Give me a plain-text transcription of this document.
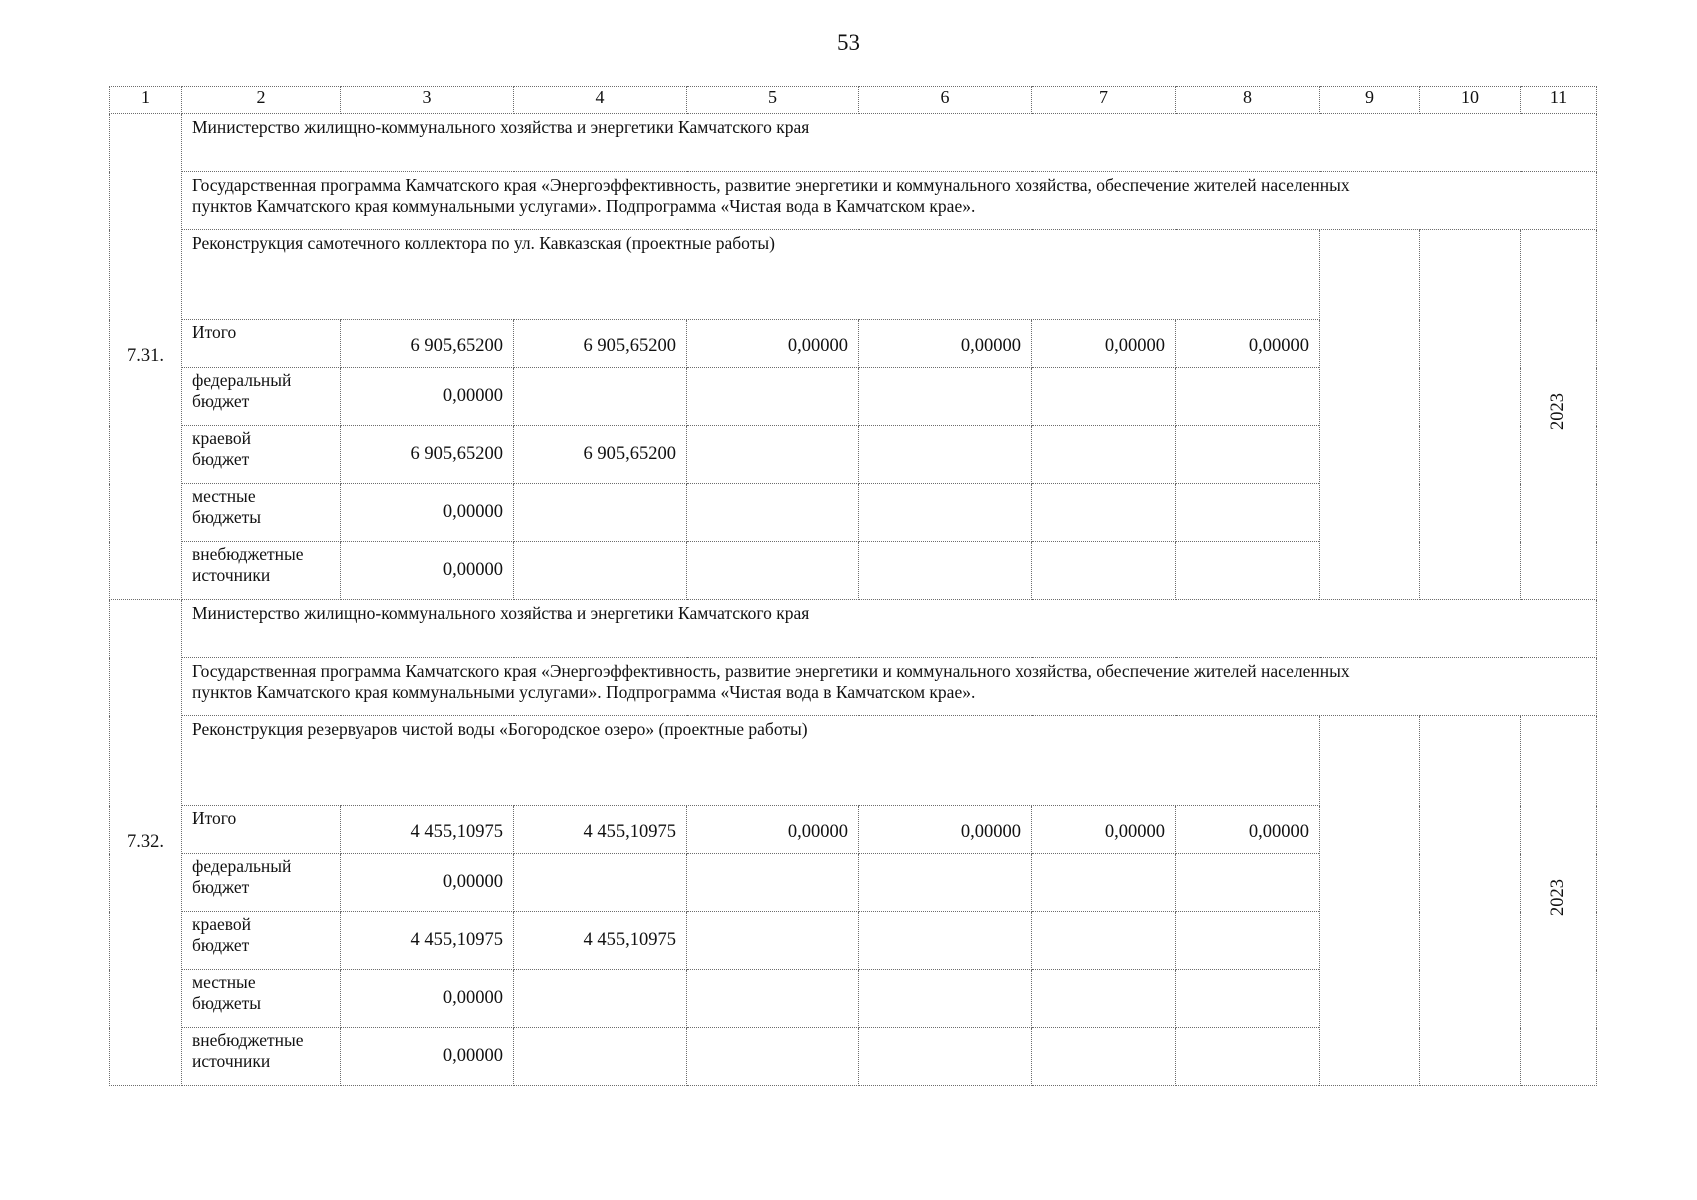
53
1	2	3	4	5	6	7	8	9	10	11
7.31.	Министерство жилищно-коммунального хозяйства и энергетики Камчатского края									

	Государственная программа Камчатского края «Энергоэффективность, развитие энергетики и коммунального хозяйства, обеспечение жителей населенных
пунктов Камчатского края коммунальными услугами». Подпрограмма «Чистая вода в Камчатском крае».									

	Реконструкция самотечного коллектора по ул. Кавказская (проектные работы)									2023

	Итого	6 905,65200	6 905,65200	0,00000	0,00000	0,00000	0,00000			

	федеральный
бюджет	0,00000								

	краевой
бюджет	6 905,65200	6 905,65200							

	местные
бюджеты	0,00000								

	внебюджетные
источники	0,00000								
7.32.	Министерство жилищно-коммунального хозяйства и энергетики Камчатского края									

	Государственная программа Камчатского края «Энергоэффективность, развитие энергетики и коммунального хозяйства, обеспечение жителей населенных
пунктов Камчатского края коммунальными услугами». Подпрограмма «Чистая вода в Камчатском крае».									

	Реконструкция резервуаров чистой воды «Богородское озеро» (проектные работы)									2023

	Итого	4 455,10975	4 455,10975	0,00000	0,00000	0,00000	0,00000			

	федеральный
бюджет	0,00000								

	краевой
бюджет	4 455,10975	4 455,10975							

	местные
бюджеты	0,00000								

	внебюджетные
источники	0,00000								
